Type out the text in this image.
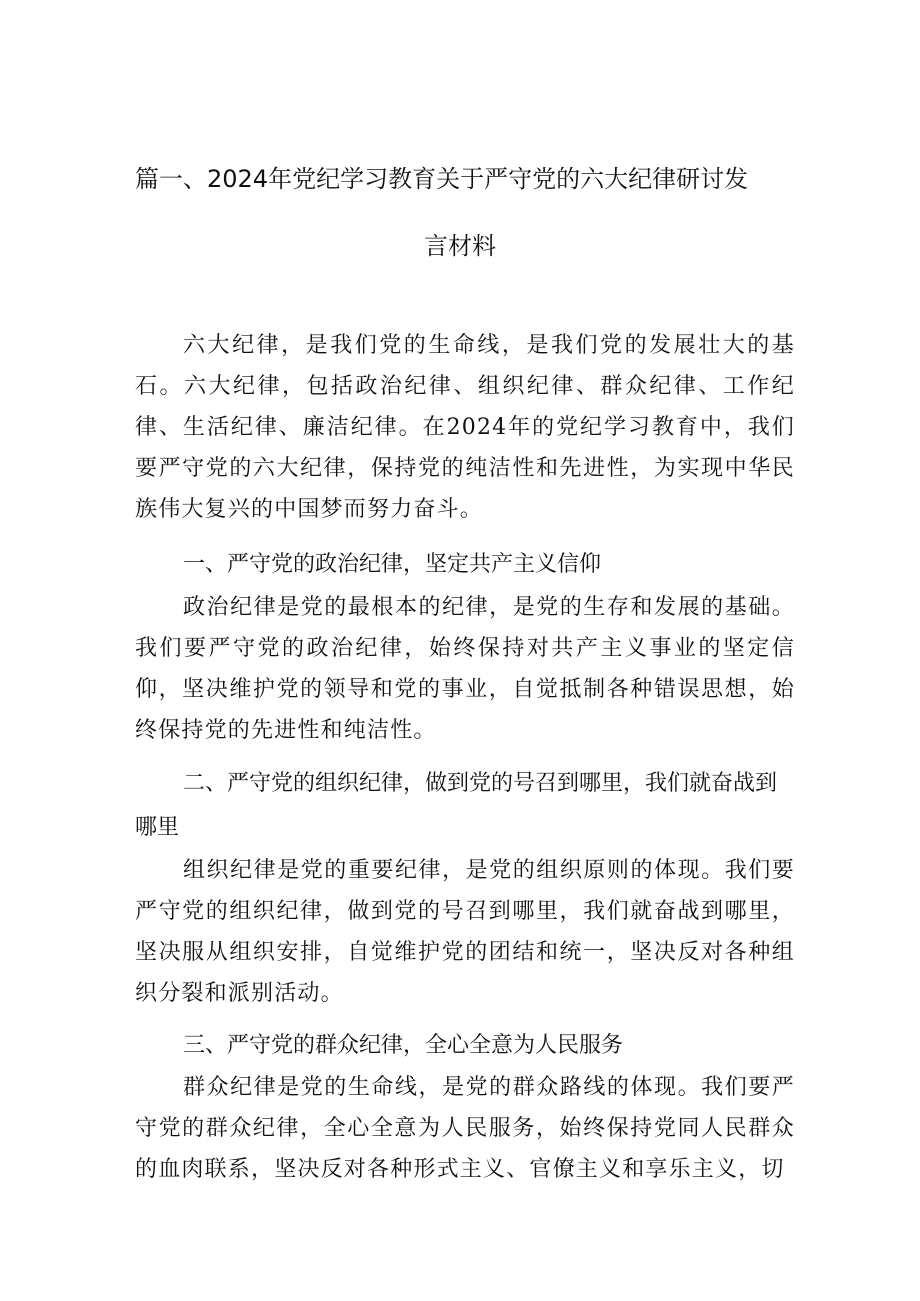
篇一、2024年党纪学习教育关于严守党的六大纪律研讨发
言材料
六大纪律，是我们党的生命线，是我们党的发展壮大的基石。六大纪律，包括政治纪律、组织纪律、群众纪律、工作纪律、生活纪律、廉洁纪律。在2024年的党纪学习教育中，我们要严守党的六大纪律，保持党的纯洁性和先进性，为实现中华民族伟大复兴的中国梦而努力奋斗。
一、严守党的政治纪律，坚定共产主义信仰
政治纪律是党的最根本的纪律，是党的生存和发展的基础。我们要严守党的政治纪律，始终保持对共产主义事业的坚定信仰，坚决维护党的领导和党的事业，自觉抵制各种错误思想，始终保持党的先进性和纯洁性。
二、严守党的组织纪律，做到党的号召到哪里，我们就奋战到哪里
组织纪律是党的重要纪律，是党的组织原则的体现。我们要严守党的组织纪律，做到党的号召到哪里，我们就奋战到哪里，坚决服从组织安排，自觉维护党的团结和统一，坚决反对各种组织分裂和派别活动。
三、严守党的群众纪律，全心全意为人民服务
群众纪律是党的生命线，是党的群众路线的体现。我们要严守党的群众纪律，全心全意为人民服务，始终保持党同人民群众的血肉联系，坚决反对各种形式主义、官僚主义和享乐主义，切
